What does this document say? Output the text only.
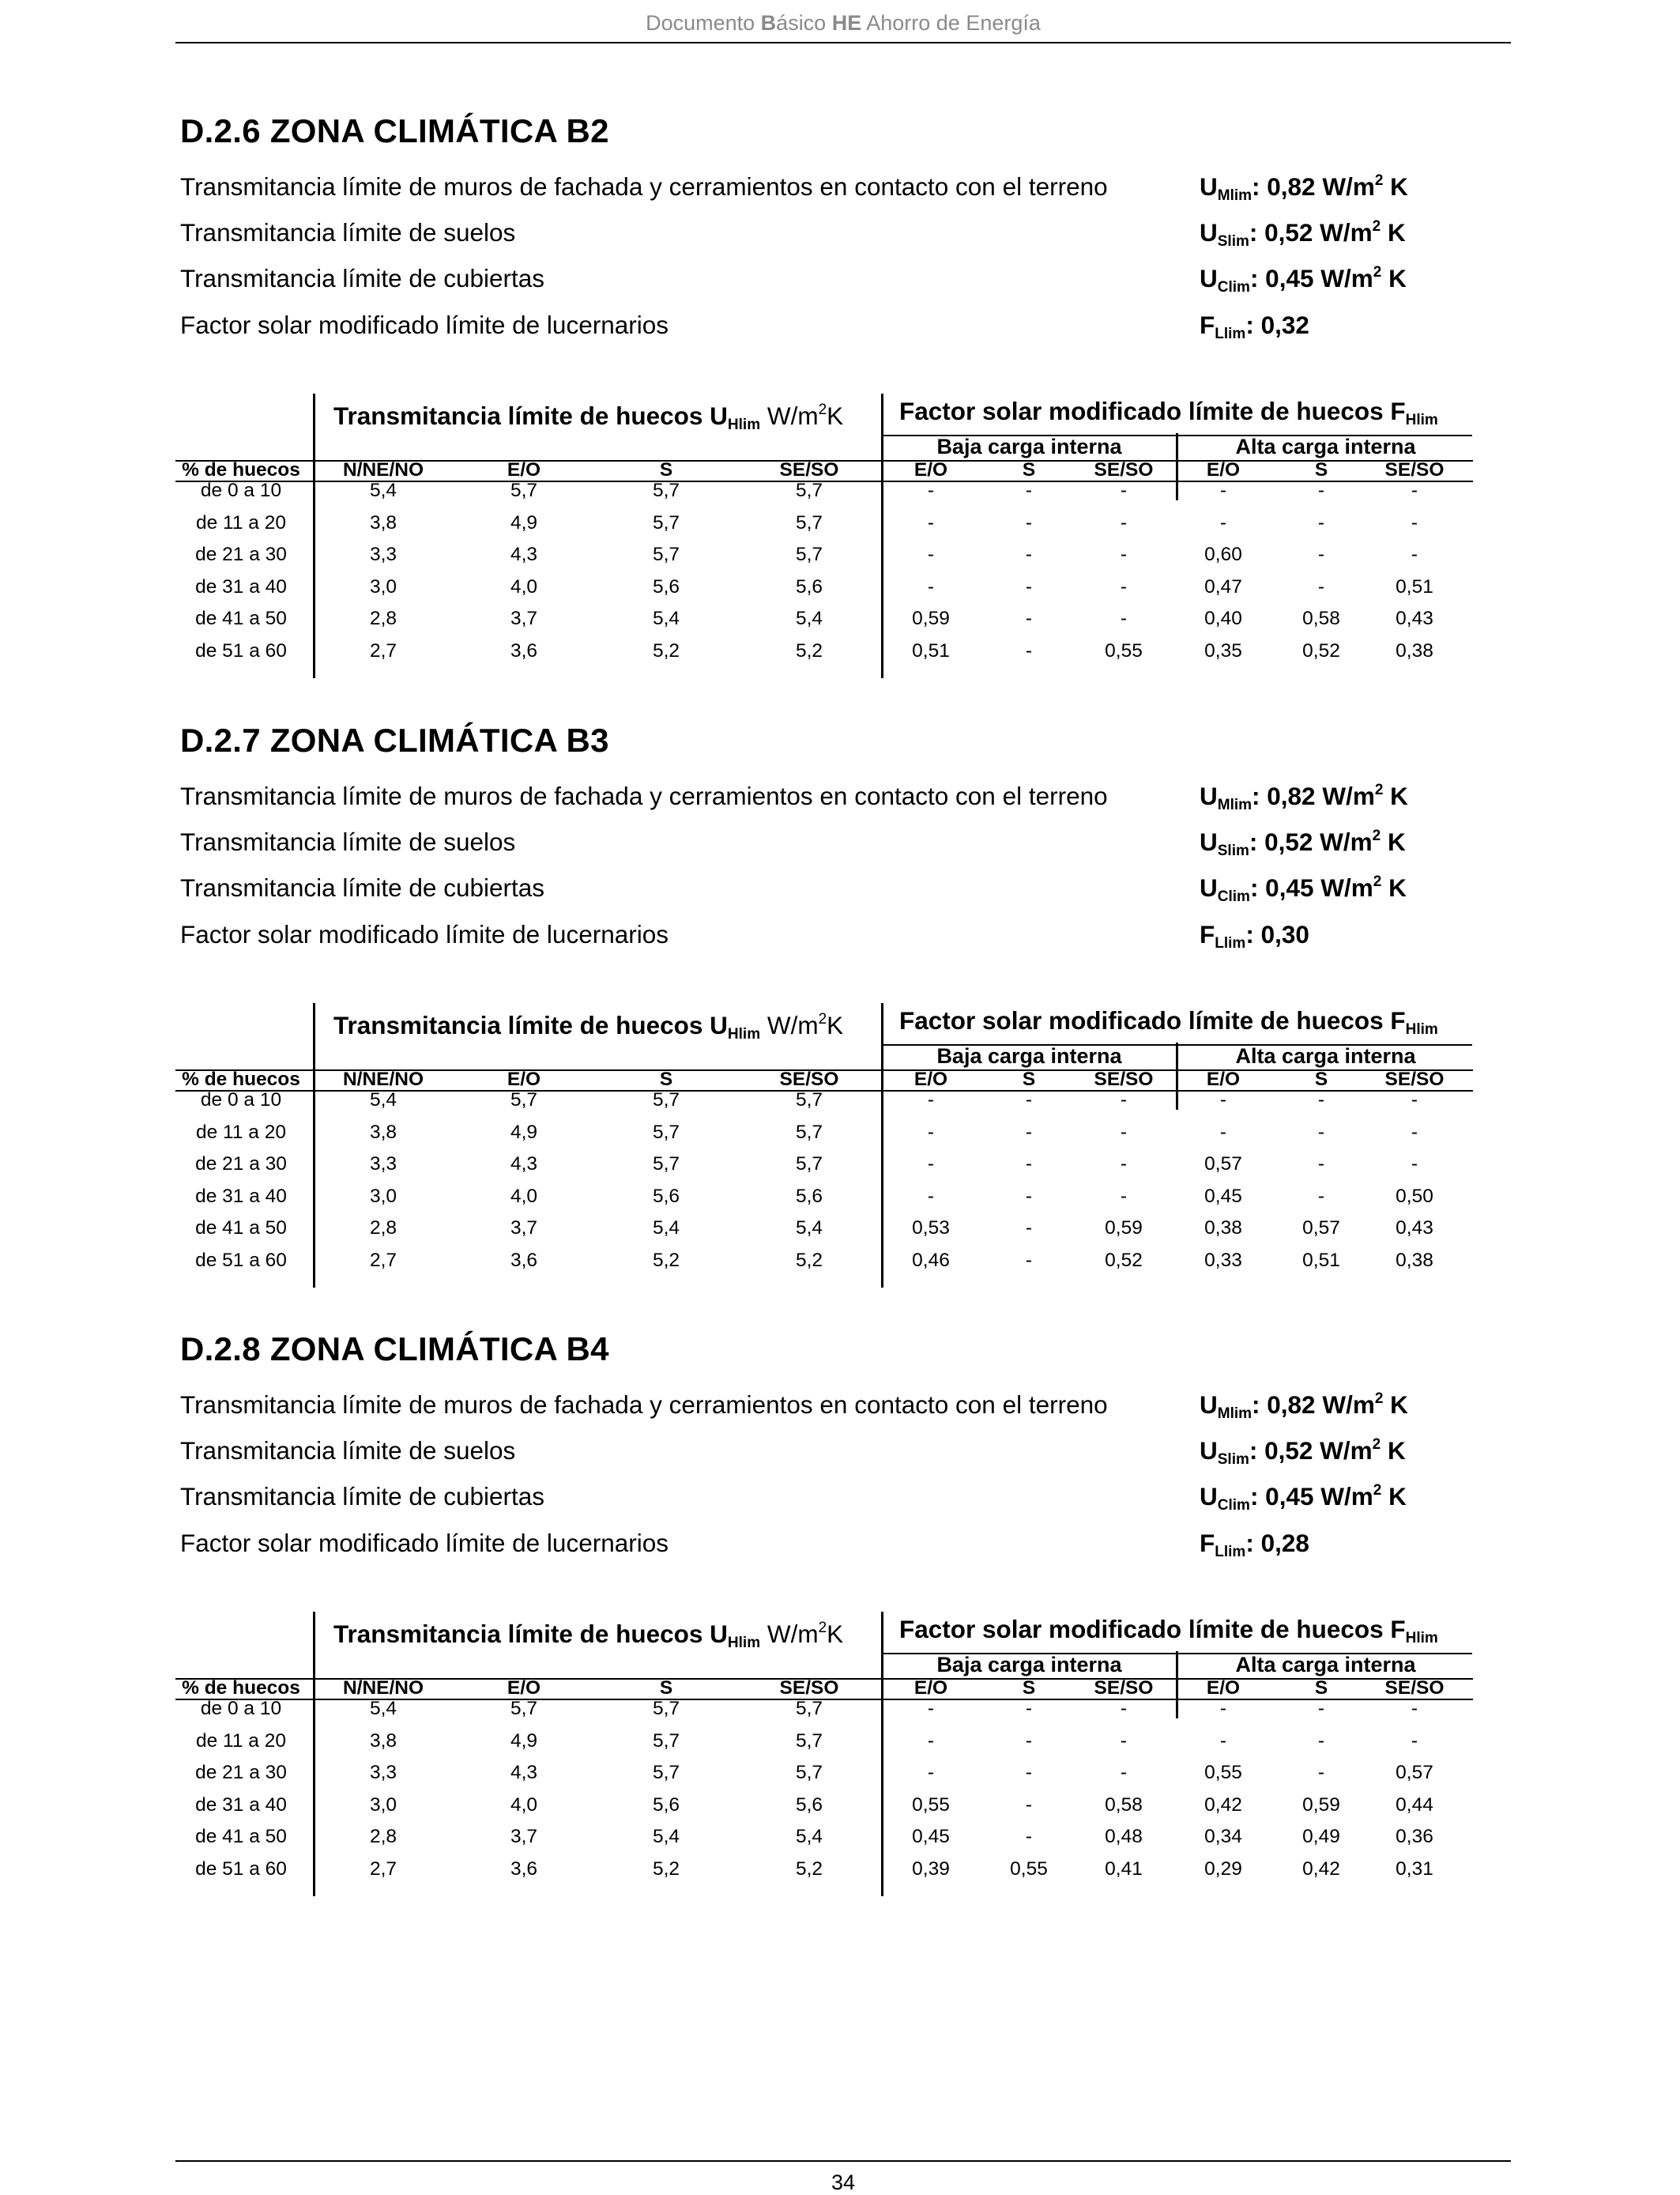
Documento Básico HE Ahorro de Energía
D.2.6 ZONA CLIMÁTICA B2
Transmitancia límite de muros de fachada y cerramientos en contacto con el terreno	$U_{Mlim}$: 0,82 $W/m^2$ K
Transmitancia límite de suelos	$U_{Slim}$: 0,52 $W/m^2$ K
Transmitancia límite de cubiertas	$U_{Clim}$: 0,45 $W/m^2$ K
Factor solar modificado límite de lucernarios	$F_{Llim}$: 0,32
Transmitancia límite de huecos $U_{Hlim}$ $W/m^2K$ Factor solar modificado límite de huecos $F_{Hlim}$
Baja carga interna	Alta carga interna
% de huecos	N/NE/NO	E/O	S	SE/SO	E/O	S	SE/SO	E/O	S	SE/SO
de 0 a 10	5,4	5,7	5,7	5,7	-	-	-	-	-	-
de 11 a 20	3,8	4,9	5,7	5,7	-	-	-	-	-	-
de 21 a 30	3,3	4,3	5,7	5,7	-	-	-	0,60	-	-
de 31 a 40	3,0	4,0	5,6	5,6	-	-	-	0,47	-	0,51
de 41 a 50	2,8	3,7	5,4	5,4	0,59	-	-	0,40	0,58	0,43
de 51 a 60	2,7	3,6	5,2	5,2	0,51	-	0,55	0,35	0,52	0,38
D.2.7 ZONA CLIMÁTICA B3
Transmitancia límite de muros de fachada y cerramientos en contacto con el terreno	$U_{Mlim}$: 0,82 $W/m^2$ K
Transmitancia límite de suelos	$U_{Slim}$: 0,52 $W/m^2$ K
Transmitancia límite de cubiertas	$U_{Clim}$: 0,45 $W/m^2$ K
Factor solar modificado límite de lucernarios	$F_{Llim}$: 0,30
Transmitancia límite de huecos $U_{Hlim}$ $W/m^2K$ Factor solar modificado límite de huecos $F_{Hlim}$
Baja carga interna	Alta carga interna
% de huecos	N/NE/NO	E/O	S	SE/SO	E/O	S	SE/SO	E/O	S	SE/SO
de 0 a 10	5,4	5,7	5,7	5,7	-	-	-	-	-	-
de 11 a 20	3,8	4,9	5,7	5,7	-	-	-	-	-	-
de 21 a 30	3,3	4,3	5,7	5,7	-	-	-	0,57	-	-
de 31 a 40	3,0	4,0	5,6	5,6	-	-	-	0,45	-	0,50
de 41 a 50	2,8	3,7	5,4	5,4	0,53	-	0,59	0,38	0,57	0,43
de 51 a 60	2,7	3,6	5,2	5,2	0,46	-	0,52	0,33	0,51	0,38
D.2.8 ZONA CLIMÁTICA B4
Transmitancia límite de muros de fachada y cerramientos en contacto con el terreno	$U_{Mlim}$: 0,82 $W/m^2$ K
Transmitancia límite de suelos	$U_{Slim}$: 0,52 $W/m^2$ K
Transmitancia límite de cubiertas	$U_{Clim}$: 0,45 $W/m^2$ K
Factor solar modificado límite de lucernarios	$F_{Llim}$: 0,28
Transmitancia límite de huecos $U_{Hlim}$ $W/m^2K$ Factor solar modificado límite de huecos $F_{Hlim}$
Baja carga interna	Alta carga interna
% de huecos	N/NE/NO	E/O	S	SE/SO	E/O	S	SE/SO	E/O	S	SE/SO
de 0 a 10	5,4	5,7	5,7	5,7	-	-	-	-	-	-
de 11 a 20	3,8	4,9	5,7	5,7	-	-	-	-	-	-
de 21 a 30	3,3	4,3	5,7	5,7	-	-	-	0,55	-	0,57
de 31 a 40	3,0	4,0	5,6	5,6	0,55	-	0,58	0,42	0,59	0,44
de 41 a 50	2,8	3,7	5,4	5,4	0,45	-	0,48	0,34	0,49	0,36
de 51 a 60	2,7	3,6	5,2	5,2	0,39	0,55	0,41	0,29	0,42	0,31
34
